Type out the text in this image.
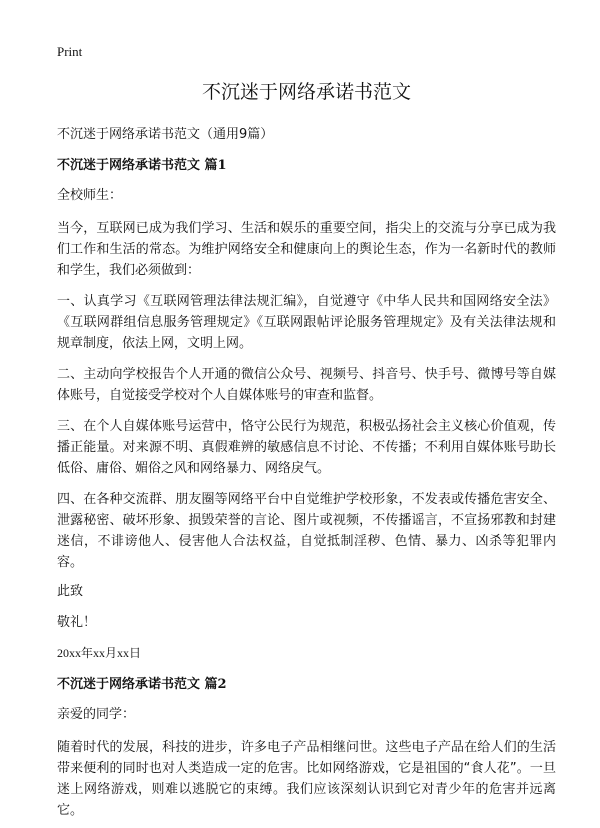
Print
不沉迷于网络承诺书范文
不沉迷于网络承诺书范文（通用9篇）
不沉迷于网络承诺书范文 篇1

全校师生：

当今，互联网已成为我们学习、生活和娱乐的重要空间，指尖上的交流与分享已成为我们工作和生活的常态。为维护网络安全和健康向上的舆论生态，作为一名新时代的教师和学生，我们必须做到：

一、认真学习《互联网管理法律法规汇编》，自觉遵守《中华人民共和国网络安全法》《互联网群组信息服务管理规定》《互联网跟帖评论服务管理规定》及有关法律法规和规章制度，依法上网，文明上网。

二、主动向学校报告个人开通的微信公众号、视频号、抖音号、快手号、微博号等自媒体账号，自觉接受学校对个人自媒体账号的审查和监督。

三、在个人自媒体账号运营中，恪守公民行为规范，积极弘扬社会主义核心价值观，传播正能量。对来源不明、真假难辨的敏感信息不讨论、不传播；不利用自媒体账号助长低俗、庸俗、媚俗之风和网络暴力、网络戾气。

四、在各种交流群、朋友圈等网络平台中自觉维护学校形象，不发表或传播危害安全、泄露秘密、破坏形象、损毁荣誉的言论、图片或视频，不传播谣言，不宣扬邪教和封建迷信，不诽谤他人、侵害他人合法权益，自觉抵制淫秽、色情、暴力、凶杀等犯罪内容。

此致

敬礼！

20xx年xx月xx日
不沉迷于网络承诺书范文 篇2

亲爱的同学：

随着时代的发展，科技的进步，许多电子产品相继问世。这些电子产品在给人们的生活带来便利的同时也对人类造成一定的危害。比如网络游戏，它是祖国的“食人花”。一旦迷上网络游戏，则难以逃脱它的束缚。我们应该深刻认识到它对青少年的危害并远离它。
